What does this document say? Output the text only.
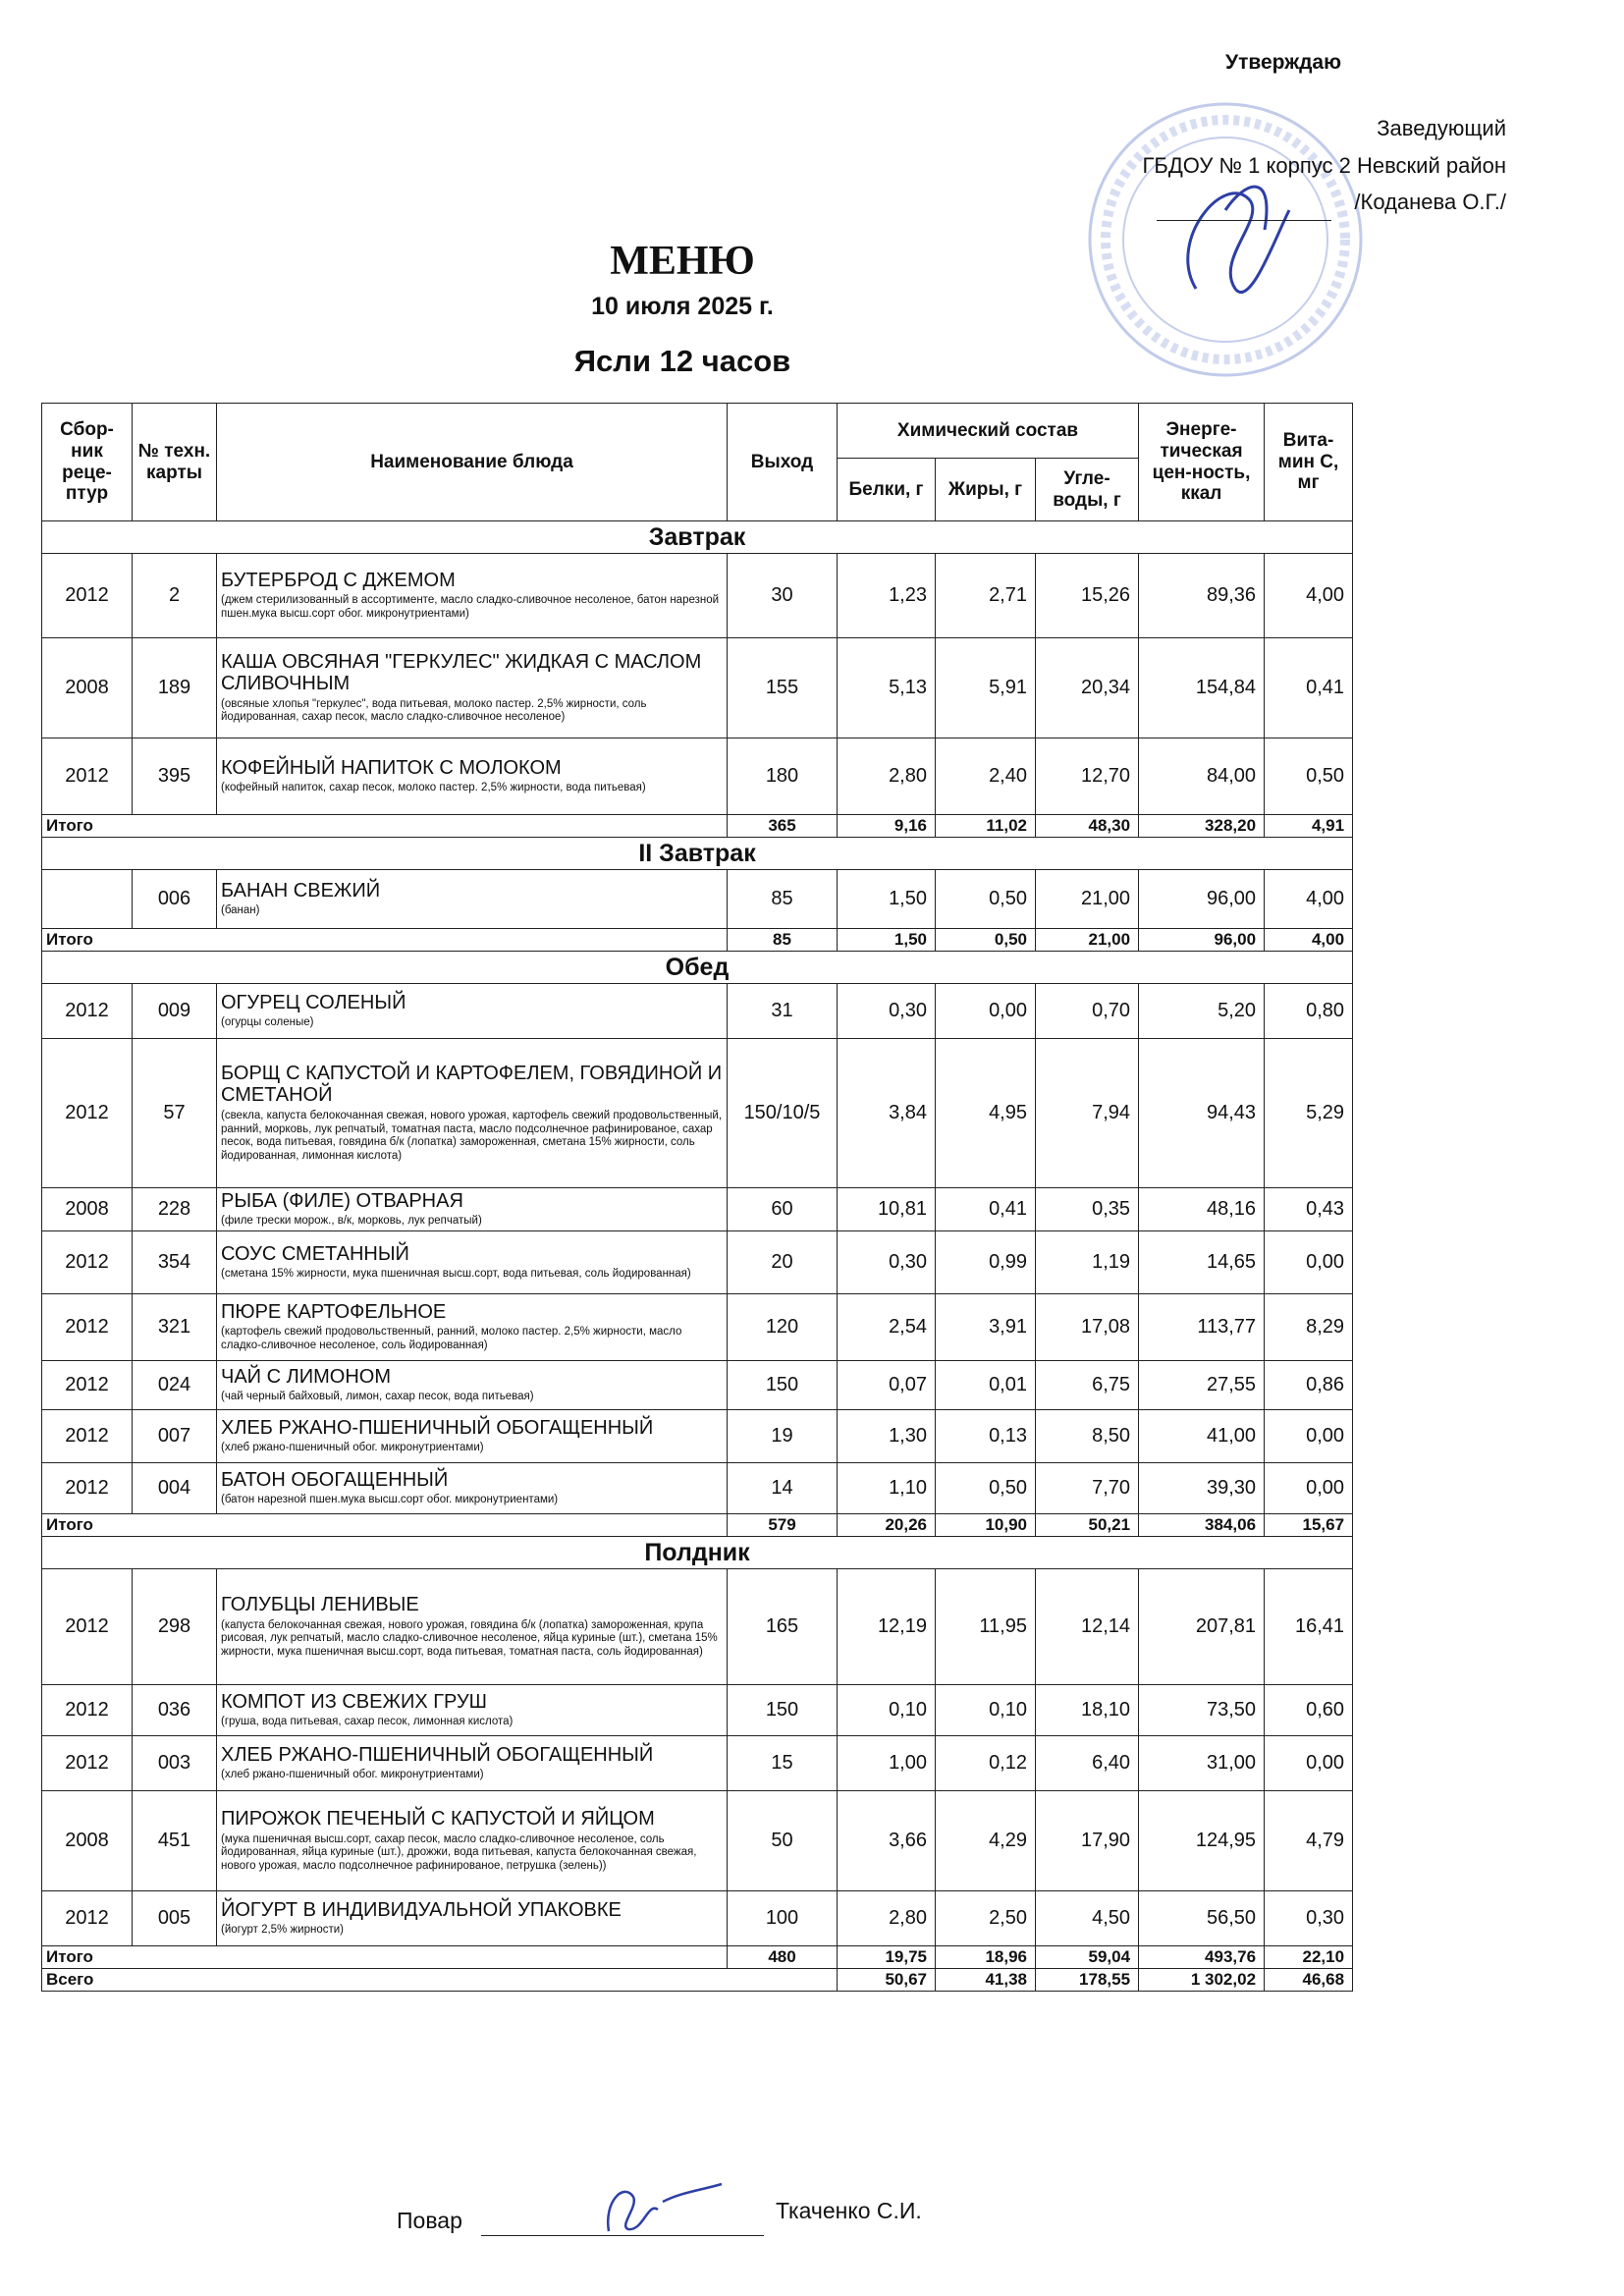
Утверждаю
Заведующий
ГБДОУ № 1 корпус 2 Невский район
/Коданева О.Г./
МЕНЮ
10 июля 2025 г.
Ясли 12 часов
Сбор-ник реце-птур	№ техн. карты	Наименование блюда	Выход	Химический состав			Энерге-тическая цен-ность, ккал	Вита-мин С, мг
				Белки, г	Жиры, г	Угле-воды, г		
Завтрак								
2012	2	БУТЕРБРОД С ДЖЕМОМ
(джем стерилизованный в ассортименте, масло сладко-сливочное несоленое, батон нарезной пшен.мука высш.сорт обог. микронутриентами)	30	1,23	2,71	15,26	89,36	4,00
2008	189	КАША ОВСЯНАЯ "ГЕРКУЛЕС" ЖИДКАЯ С МАСЛОМ СЛИВОЧНЫМ
(овсяные хлопья "геркулес", вода питьевая, молоко пастер. 2,5% жирности, соль йодированная, сахар песок, масло сладко-сливочное несоленое)	155	5,13	5,91	20,34	154,84	0,41
2012	395	КОФЕЙНЫЙ НАПИТОК С МОЛОКОМ
(кофейный напиток, сахар песок, молоко пастер. 2,5% жирности, вода питьевая)	180	2,80	2,40	12,70	84,00	0,50
Итого			365	9,16	11,02	48,30	328,20	4,91
II Завтрак								
	006	БАНАН СВЕЖИЙ
(банан)	85	1,50	0,50	21,00	96,00	4,00
Итого			85	1,50	0,50	21,00	96,00	4,00
Обед								
2012	009	ОГУРЕЦ СОЛЕНЫЙ
(огурцы соленые)	31	0,30	0,00	0,70	5,20	0,80
2012	57	БОРЩ С КАПУСТОЙ И КАРТОФЕЛЕМ, ГОВЯДИНОЙ И СМЕТАНОЙ
(свекла, капуста белокочанная свежая, нового урожая, картофель свежий продовольственный, ранний, морковь, лук репчатый, томатная паста, масло подсолнечное рафинированое, сахар песок, вода питьевая, говядина б/к (лопатка) замороженная, сметана 15% жирности, соль йодированная, лимонная кислота)	150/10/5	3,84	4,95	7,94	94,43	5,29
2008	228	РЫБА (ФИЛЕ) ОТВАРНАЯ
(филе трески морож., в/к, морковь, лук репчатый)	60	10,81	0,41	0,35	48,16	0,43
2012	354	СОУС СМЕТАННЫЙ
(сметана 15% жирности, мука пшеничная высш.сорт, вода питьевая, соль йодированная)	20	0,30	0,99	1,19	14,65	0,00
2012	321	ПЮРЕ КАРТОФЕЛЬНОЕ
(картофель свежий продовольственный, ранний, молоко пастер. 2,5% жирности, масло сладко-сливочное несоленое, соль йодированная)	120	2,54	3,91	17,08	113,77	8,29
2012	024	ЧАЙ С ЛИМОНОМ
(чай черный байховый, лимон, сахар песок, вода питьевая)	150	0,07	0,01	6,75	27,55	0,86
2012	007	ХЛЕБ РЖАНО-ПШЕНИЧНЫЙ ОБОГАЩЕННЫЙ
(хлеб ржано-пшеничный обог. микронутриентами)	19	1,30	0,13	8,50	41,00	0,00
2012	004	БАТОН ОБОГАЩЕННЫЙ
(батон нарезной пшен.мука высш.сорт обог. микронутриентами)	14	1,10	0,50	7,70	39,30	0,00
Итого			579	20,26	10,90	50,21	384,06	15,67
Полдник								
2012	298	ГОЛУБЦЫ ЛЕНИВЫЕ
(капуста белокочанная свежая, нового урожая, говядина б/к (лопатка) замороженная, крупа рисовая, лук репчатый, масло сладко-сливочное несоленое, яйца куриные (шт.), сметана 15% жирности, мука пшеничная высш.сорт, вода питьевая, томатная паста, соль йодированная)	165	12,19	11,95	12,14	207,81	16,41
2012	036	КОМПОТ ИЗ СВЕЖИХ ГРУШ
(груша, вода питьевая, сахар песок, лимонная кислота)	150	0,10	0,10	18,10	73,50	0,60
2012	003	ХЛЕБ РЖАНО-ПШЕНИЧНЫЙ ОБОГАЩЕННЫЙ
(хлеб ржано-пшеничный обог. микронутриентами)	15	1,00	0,12	6,40	31,00	0,00
2008	451	ПИРОЖОК ПЕЧЕНЫЙ С КАПУСТОЙ И ЯЙЦОМ
(мука пшеничная высш.сорт, сахар песок, масло сладко-сливочное несоленое, соль йодированная, яйца куриные (шт.), дрожжи, вода питьевая, капуста белокочанная свежая, нового урожая, масло подсолнечное рафинированое, петрушка (зелень))	50	3,66	4,29	17,90	124,95	4,79
2012	005	ЙОГУРТ В ИНДИВИДУАЛЬНОЙ УПАКОВКЕ
(йогурт 2,5% жирности)	100	2,80	2,50	4,50	56,50	0,30
Итого			480	19,75	18,96	59,04	493,76	22,10
Всего				50,67	41,38	178,55	1 302,02	46,68
Повар	Ткаченко С.И.
